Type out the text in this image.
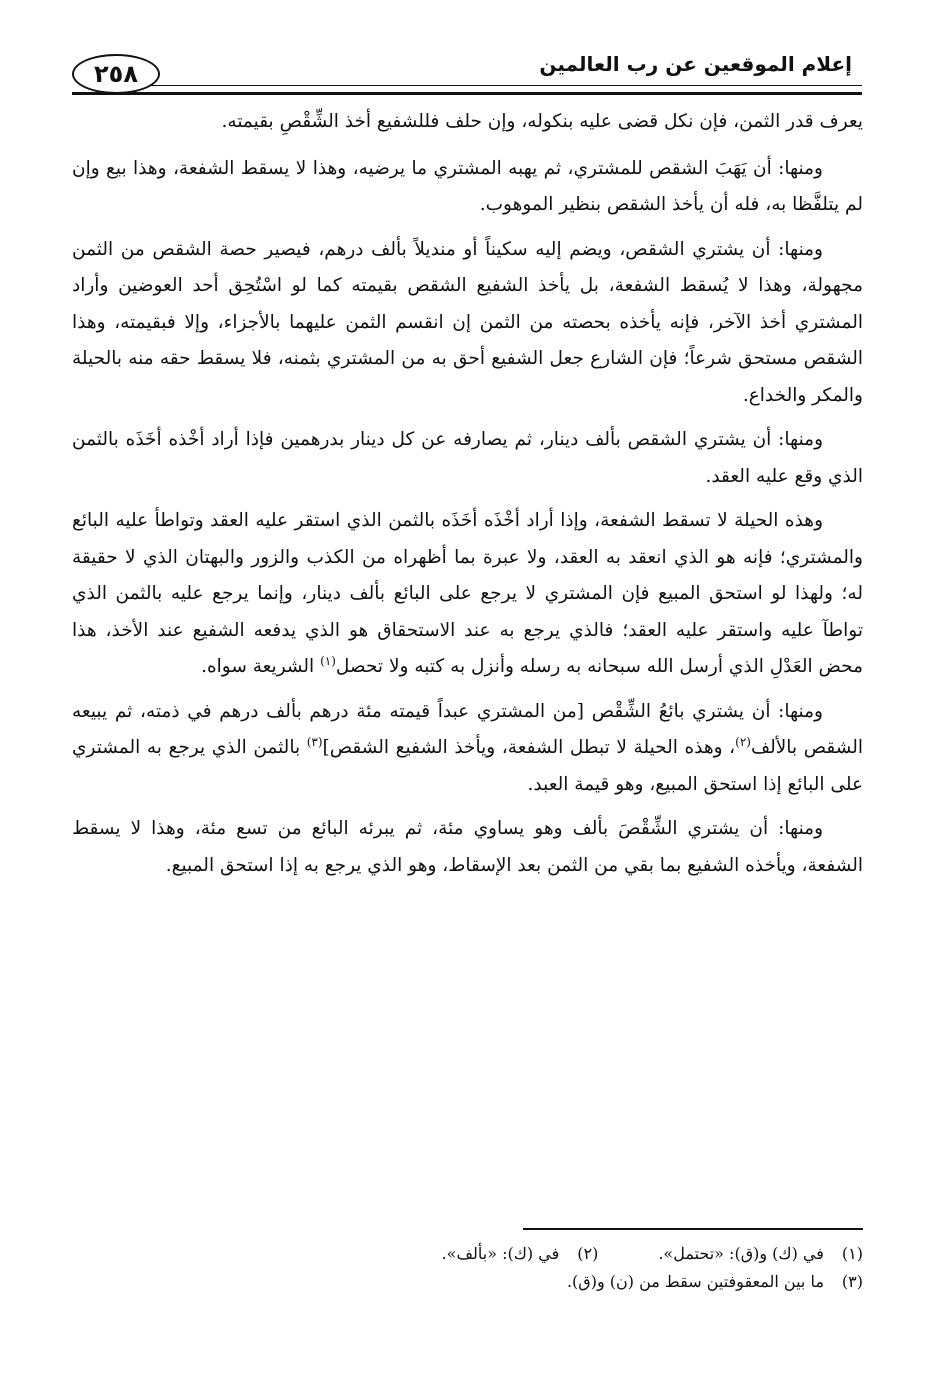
إعلام الموقعين عن رب العالمين
٢٥٨

يعرف قدر الثمن، فإن نكل قضى عليه بنكوله، وإن حلف فللشفيع أخذ الشِّقْصِ بقيمته.

ومنها: أن يَهَبَ الشقص للمشتري، ثم يهبه المشتري ما يرضيه، وهذا لا يسقط الشفعة، وهذا بيع وإن لم يتلفَّظا به، فله أن يأخذ الشقص بنظير الموهوب.

ومنها: أن يشتري الشقص، ويضم إليه سكيناً أو منديلاً بألف درهم، فيصير حصة الشقص من الثمن مجهولة، وهذا لا يُسقط الشفعة، بل يأخذ الشفيع الشقص بقيمته كما لو اسْتُحِق أحد العوضين وأراد المشتري أخذ الآخر، فإنه يأخذه بحصته من الثمن إن انقسم الثمن عليهما بالأجزاء، وإلا فبقيمته، وهذا الشقص مستحق شرعاً؛ فإن الشارع جعل الشفيع أحق به من المشتري بثمنه، فلا يسقط حقه منه بالحيلة والمكر والخداع.

ومنها: أن يشتري الشقص بألف دينار، ثم يصارفه عن كل دينار بدرهمين فإذا أراد أخْذه أخَذَه بالثمن الذي وقع عليه العقد.

وهذه الحيلة لا تسقط الشفعة، وإذا أراد أخْذَه أخَذَه بالثمن الذي استقر عليه العقد وتواطأ عليه البائع والمشتري؛ فإنه هو الذي انعقد به العقد، ولا عبرة بما أظهراه من الكذب والزور والبهتان الذي لا حقيقة له؛ ولهذا لو استحق المبيع فإن المشتري لا يرجع على البائع بألف دينار، وإنما يرجع عليه بالثمن الذي تواطآ عليه واستقر عليه العقد؛ فالذي يرجع به عند الاستحقاق هو الذي يدفعه الشفيع عند الأخذ، هذا محض العَدْلِ الذي أرسل الله سبحانه به رسله وأنزل به كتبه ولا تحصل$^{(١)}$ الشريعة سواه.

ومنها: أن يشتري بائعُ الشِّقْص [من المشتري عبداً قيمته مئة درهم بألف درهم في ذمته، ثم يبيعه الشقص بالألف$^{(٢)}$، وهذه الحيلة لا تبطل الشفعة، ويأخذ الشفيع الشقص]$^{(٣)}$ بالثمن الذي يرجع به المشتري على البائع إذا استحق المبيع، وهو قيمة العبد.

ومنها: أن يشتري الشِّقْصَ بألف وهو يساوي مئة، ثم يبرئه البائع من تسع مئة، وهذا لا يسقط الشفعة، ويأخذه الشفيع بما بقي من الثمن بعد الإسقاط، وهو الذي يرجع به إذا استحق المبيع.

(١) في (ك) و(ق): «تحتمل».
(٢) في (ك): «بألف».
(٣) ما بين المعقوفتين سقط من (ن) و(ق).
